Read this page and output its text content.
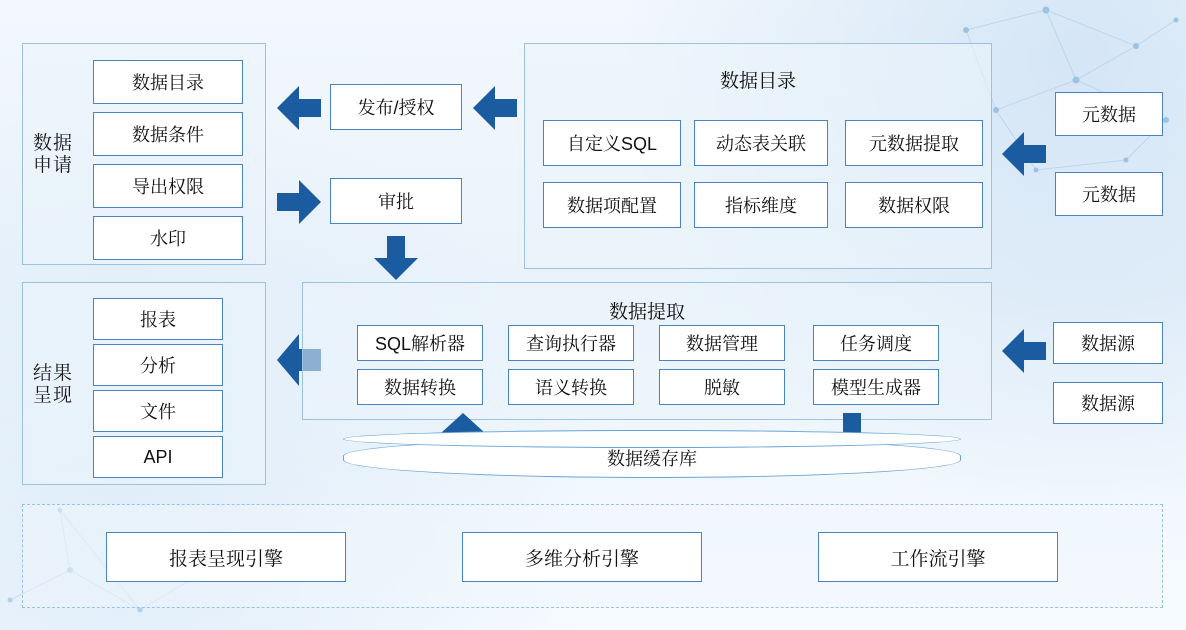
数据申请
数据目录
数据条件
导出权限
水印
发布/授权
审批
数据目录
自定义SQL	动态表关联	元数据提取
数据项配置	指标维度	数据权限
元数据
元数据
结果呈现
报表
分析
文件
API
数据提取
SQL解析器	查询执行器	数据管理	任务调度
数据转换	语义转换	脱敏	模型生成器
数据源
数据源
数据缓存库
报表呈现引擎	多维分析引擎	工作流引擎
